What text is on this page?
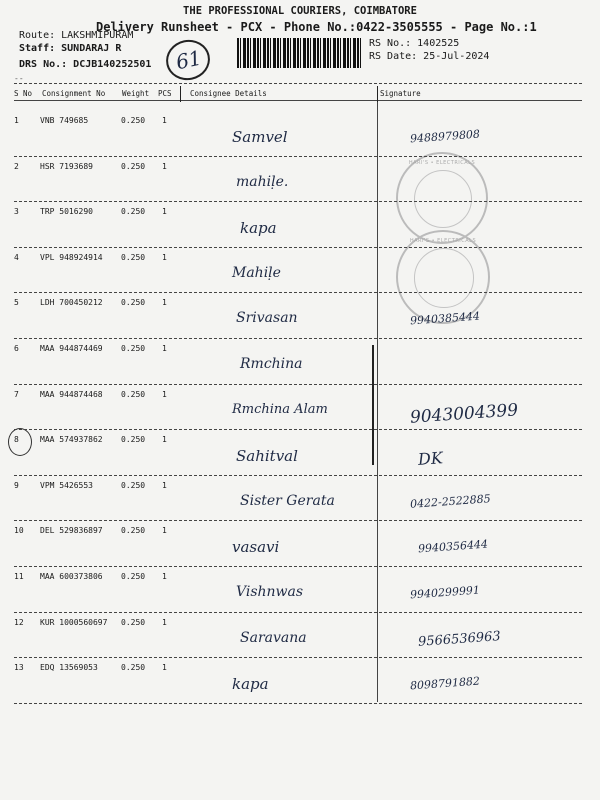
THE PROFESSIONAL COURIERS, COIMBATORE
Delivery Runsheet - PCX - Phone No.:0422-3505555 - Page No.:1
Route: LAKSHMIPURAM
Staff: SUNDARAJ R
DRS No.: DCJB140252501
RS No.: 1402525
RS Date: 25-Jul-2024
61
--
S No Consignment No Weight PCS Consignee Details	Signature
HARI'S • ELECTRICALS
HARI'S • ELECTRICALS
1	VNB 749685	0.250 1
Samvel	9488979808
2	HSR 7193689	0.250 1
mahiḷe.
3	TRP 5016290	0.250 1
kapa
4	VPL 948924914 0.250 1
Mahiḷe
5	LDH 700450212 0.250 1
Srivasan	9940385444
6	MAA 944874469 0.250 1
Rmchina
7	MAA 944874468 0.250 1
Rmchina Alam	9043004399
8	MAA 574937862 0.250 1
Sahitval	DK
9	VPM 5426553	0.250 1
Sister Gerata	0422-2522885
10 DEL 529836897 0.250 1
vasavi	9940356444
11 MAA 600373806 0.250 1
Vishnwas	9940299991
12 KUR 1000560697 0.250 1
Saravana	9566536963
13 EDQ 13569053	0.250 1
kapa	8098791882
